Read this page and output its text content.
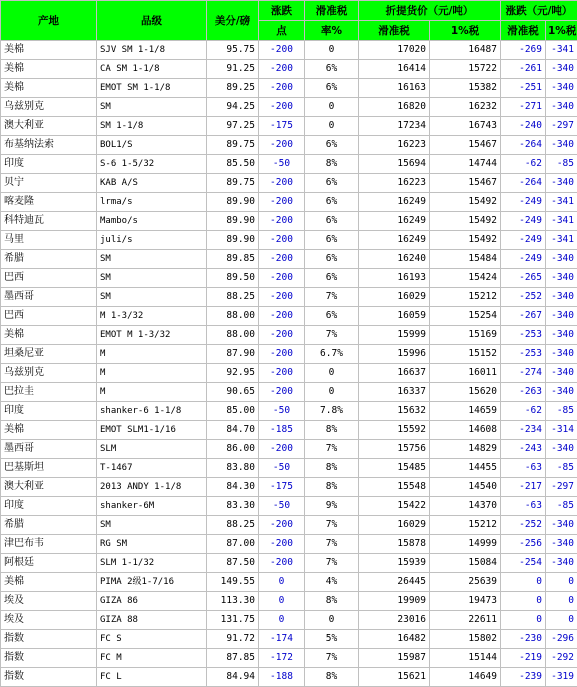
产地	品级	美分/磅	涨跌	滑准税	折提货价（元/吨）		涨跌（元/吨）	
			点	率%	滑准税	1%税	滑准税	1%税
美棉	SJV SM 1-1/8	95.75	-200	0	17020	16487	-269	-341
美棉	CA SM 1-1/8	91.25	-200	6%	16414	15722	-261	-340
美棉	EMOT SM 1-1/8	89.25	-200	6%	16163	15382	-251	-340
乌兹别克	SM	94.25	-200	0	16820	16232	-271	-340
澳大利亚	SM 1-1/8	97.25	-175	0	17234	16743	-240	-297
布基纳法索	BOL1/S	89.75	-200	6%	16223	15467	-264	-340
印度	S-6 1-5/32	85.50	-50	8%	15694	14744	-62	-85
贝宁	KAB A/S	89.75	-200	6%	16223	15467	-264	-340
喀麦隆	lrma/s	89.90	-200	6%	16249	15492	-249	-341
科特迪瓦	Mambo/s	89.90	-200	6%	16249	15492	-249	-341
马里	juli/s	89.90	-200	6%	16249	15492	-249	-341
希腊	SM	89.85	-200	6%	16240	15484	-249	-340
巴西	SM	89.50	-200	6%	16193	15424	-265	-340
墨西哥	SM	88.25	-200	7%	16029	15212	-252	-340
巴西	M 1-3/32	88.00	-200	6%	16059	15254	-267	-340
美棉	EMOT M 1-3/32	88.00	-200	7%	15999	15169	-253	-340
坦桑尼亚	M	87.90	-200	6.7%	15996	15152	-253	-340
乌兹别克	M	92.95	-200	0	16637	16011	-274	-340
巴拉圭	M	90.65	-200	0	16337	15620	-263	-340
印度	shanker-6 1-1/8	85.00	-50	7.8%	15632	14659	-62	-85
美棉	EMOT SLM1-1/16	84.70	-185	8%	15592	14608	-234	-314
墨西哥	SLM	86.00	-200	7%	15756	14829	-243	-340
巴基斯坦	T-1467	83.80	-50	8%	15485	14455	-63	-85
澳大利亚	2013 ANDY 1-1/8	84.30	-175	8%	15548	14540	-217	-297
印度	shanker-6M	83.30	-50	9%	15422	14370	-63	-85
希腊	SM	88.25	-200	7%	16029	15212	-252	-340
津巴布韦	RG SM	87.00	-200	7%	15878	14999	-256	-340
阿根廷	SLM 1-1/32	87.50	-200	7%	15939	15084	-254	-340
美棉	PIMA 2级1-7/16	149.55	0	4%	26445	25639	0	0
埃及	GIZA 86	113.30	0	8%	19909	19473	0	0
埃及	GIZA 88	131.75	0	0	23016	22611	0	0
指数	FC S	91.72	-174	5%	16482	15802	-230	-296
指数	FC M	87.85	-172	7%	15987	15144	-219	-292
指数	FC L	84.94	-188	8%	15621	14649	-239	-319
